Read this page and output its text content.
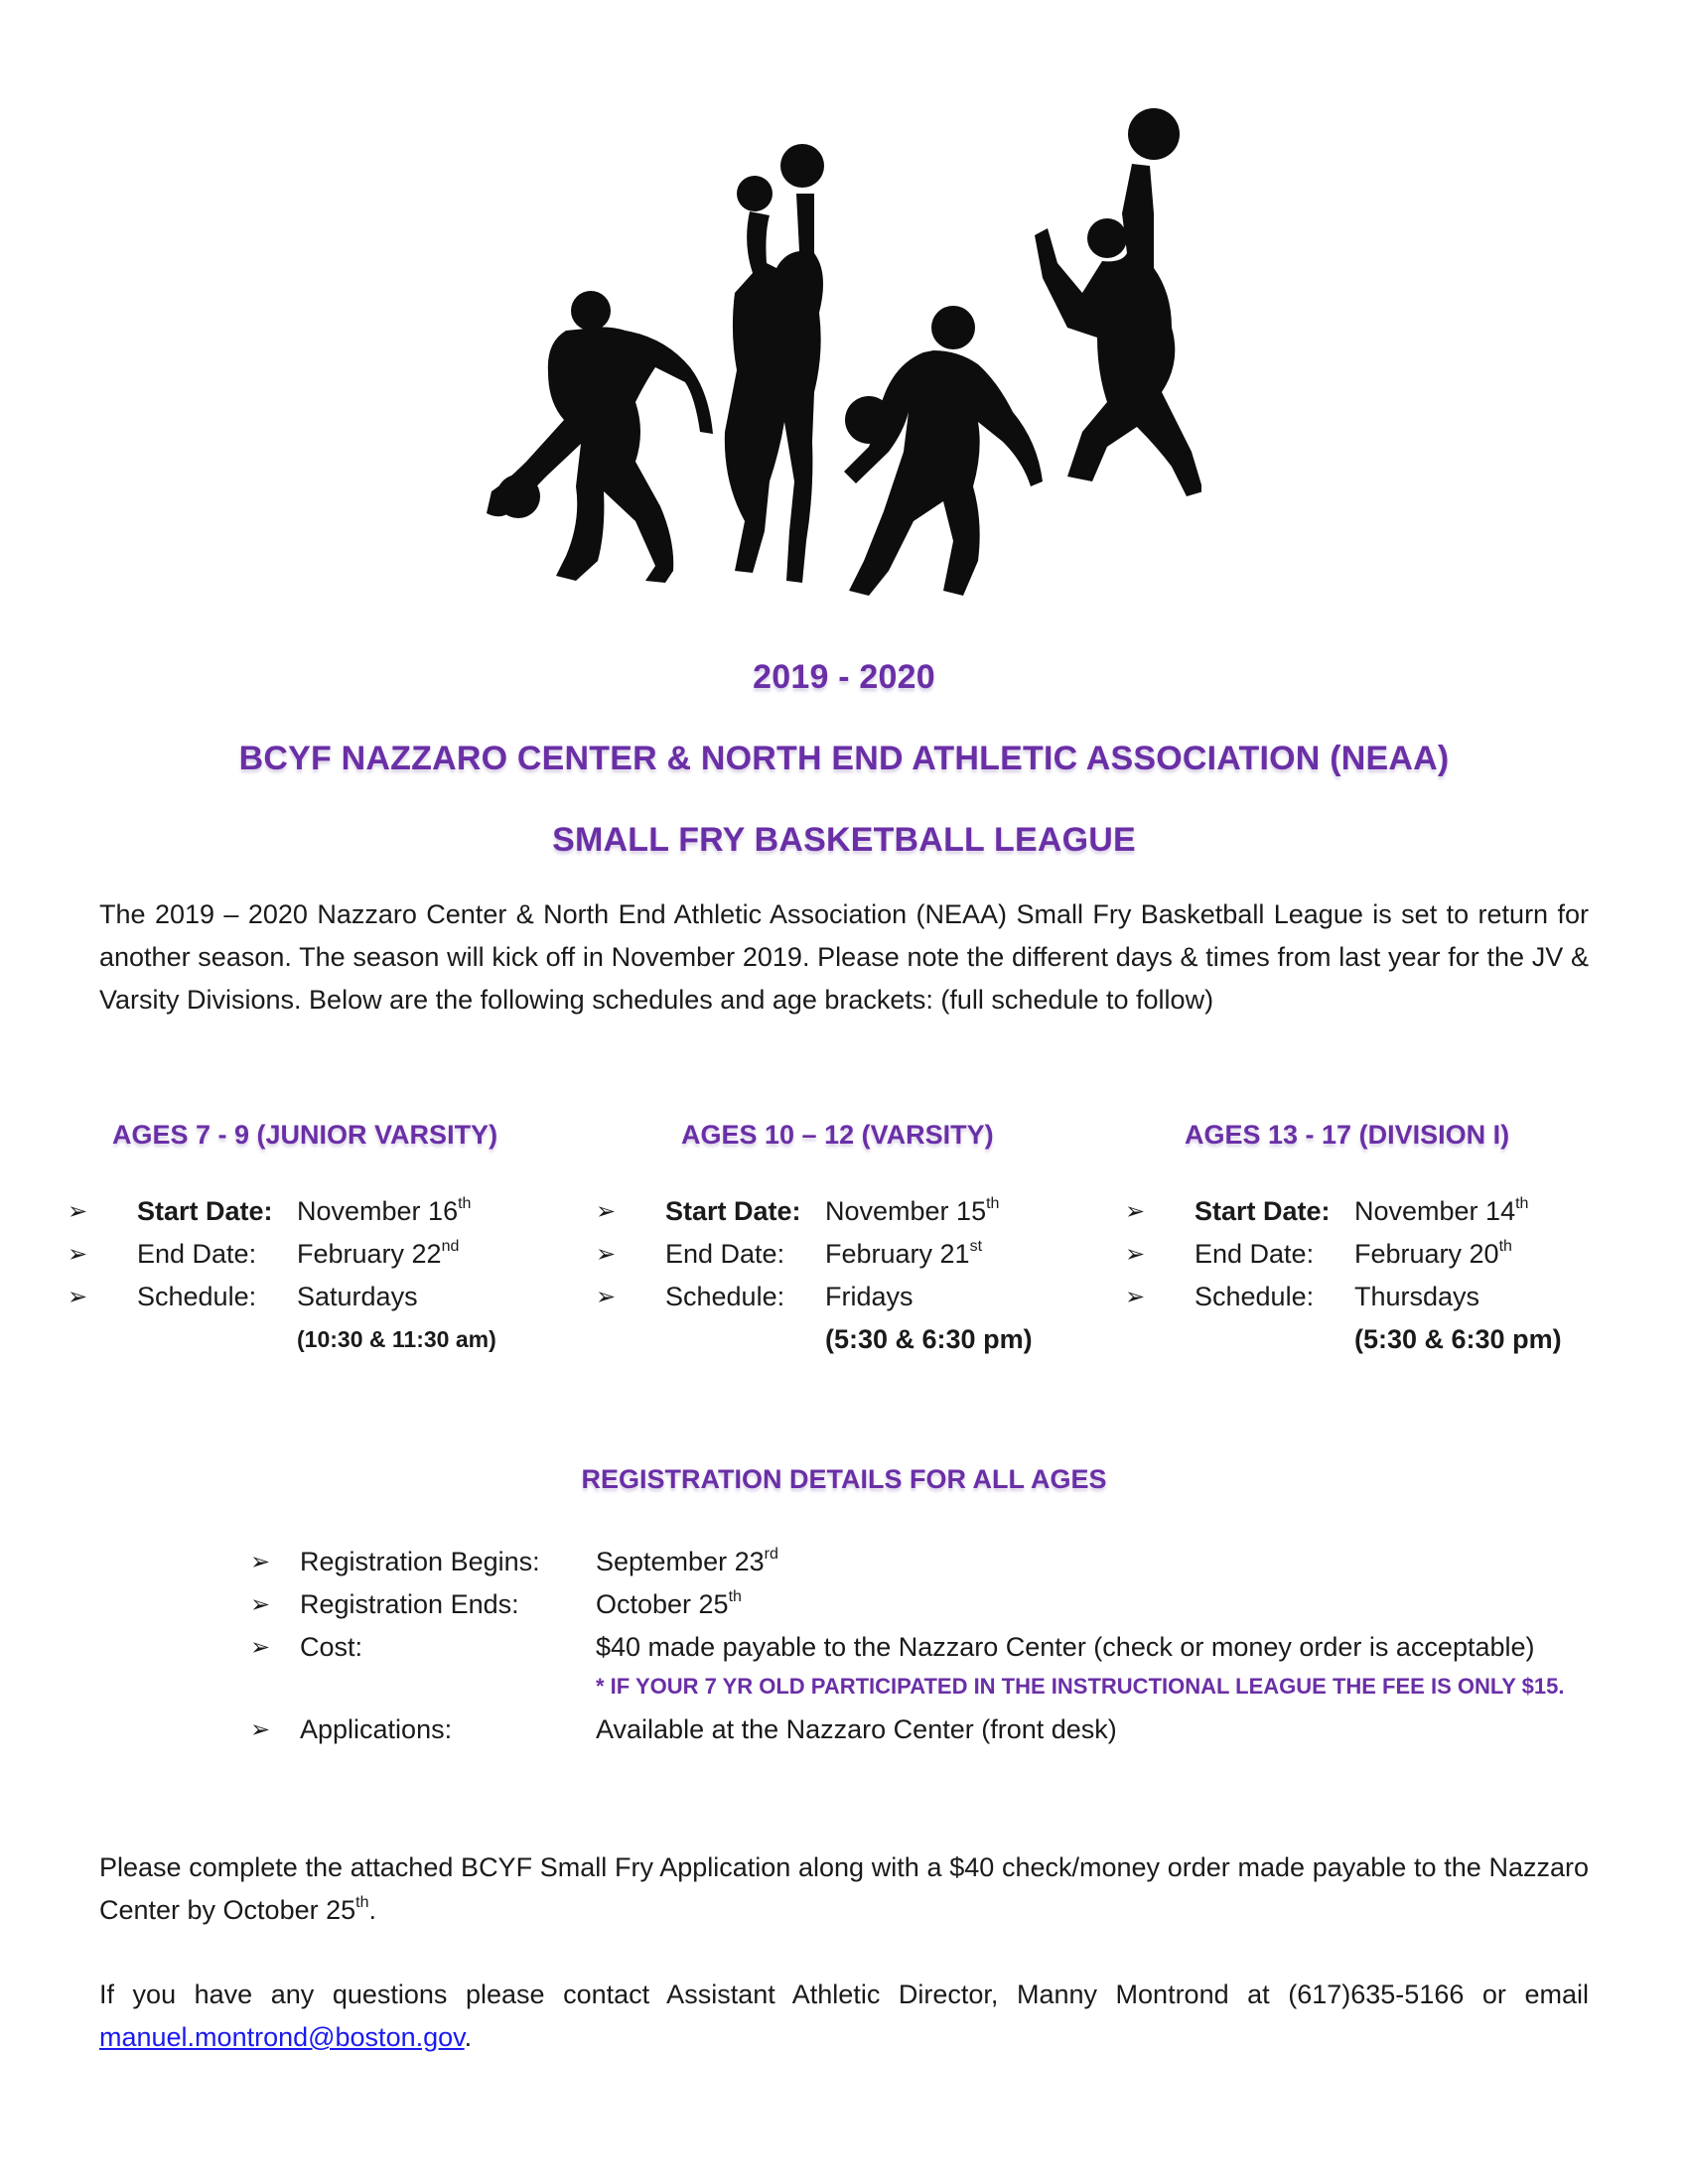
2019 - 2020
BCYF NAZZARO CENTER & NORTH END ATHLETIC ASSOCIATION (NEAA)
SMALL FRY BASKETBALL LEAGUE
The 2019 – 2020 Nazzaro Center & North End Athletic Association (NEAA) Small Fry Basketball League is set to return for another season. The season will kick off in November 2019. Please note the different days & times from last year for the JV & Varsity Divisions. Below are the following schedules and age brackets: (full schedule to follow)
AGES 7 - 9 (JUNIOR VARSITY)
➢ Start Date: November 16th
➢ End Date: February 22nd
➢ Schedule: Saturdays
(10:30 & 11:30 am)
AGES 10 – 12 (VARSITY)
➢ Start Date: November 15th
➢ End Date: February 21st
➢ Schedule: Fridays
(5:30 & 6:30 pm)
AGES 13 - 17 (DIVISION I)
➢ Start Date: November 14th
➢ End Date: February 20th
➢ Schedule: Thursdays
(5:30 & 6:30 pm)
REGISTRATION DETAILS FOR ALL AGES
➢ Registration Begins: September 23rd
➢ Registration Ends:	October 25th
➢ Cost:	$40 made payable to the Nazzaro Center (check or money order is acceptable)
* IF YOUR 7 YR OLD PARTICIPATED IN THE INSTRUCTIONAL LEAGUE THE FEE IS ONLY $15.
➢ Applications:	Available at the Nazzaro Center (front desk)
Please complete the attached BCYF Small Fry Application along with a $40 check/money order made payable to the Nazzaro Center by October 25th.
If you have any questions please contact Assistant Athletic Director, Manny Montrond at (617)635-5166 or email manuel.montrond@boston.gov.
